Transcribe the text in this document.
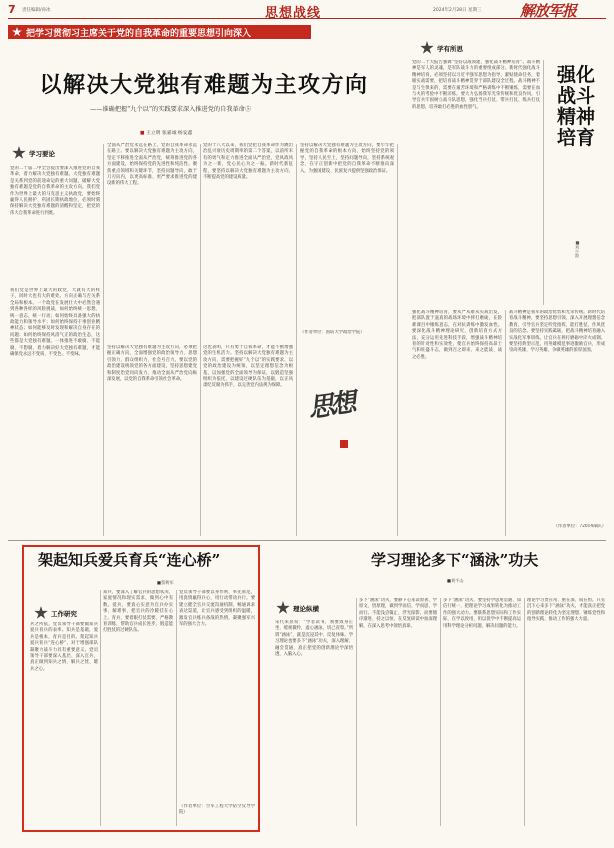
7 责任编辑/孙冰	思想战线	2024年2月28日 星期三	解放军报
把学习贯彻习主席关于党的自我革命的重要思想引向深入
以解决大党独有难题为主攻方向
——谁确把握“九个以”的实践要求深入推进党的自我革命⑤
■ 王立明 张嘉诚 杨安鑫
学习要论
党的二十届二中全会提出要深入推进党的自我革命，着力解决大党独有难题。大党独有难题是关系到党的前途命运的重大问题，破解大党独有难题是党的自我革命的主攻方向。我们党作为世界上最大的马克思主义执政党，要始终赢得人民拥护、巩固长期执政地位，必须时刻保持解决大党独有难题的清醒和坚定，把党的伟大自我革命进行到底。
我们党是世界上最大的政党，大就有大的样子，同时大也有大的难处。方向正确与否关系全局和根本。一个政党在发展壮大中必然会遇到各种各样的风险挑战，如何始终统一思想、统一意志、统一行动；如何始终具备强大的执政能力和领导水平；如何始终保持干事创业精神状态；如何能够及时发现和解决自身存在的问题；如何始终保持风清气正的政治生态，这些都是大党独有难题。一体推进不敢腐、不能腐、不想腐，着力解决好大党独有难题，才能确保党永远不变质、不变色、不变味。
全面从严治党永远在路上，党的自我革命永远在路上。要以解决大党独有难题为主攻方向，坚定不移推进全面从严治党，统筹推进党的各方面建设，始终保持党的先进性和纯洁性。聚焦重点领域和关键环节，坚持问题导向，敢于刀刃向内，以更高标准、更严要求推进党的建设新的伟大工程。
坚持以解决大党独有难题为主攻方向，必须把握正确方向，全面增强党的政治领导力、思想引领力、群众组织力、社会号召力。要以党的政治建设统领党的各方面建设，坚持思想建党和制度治党同向发力，推动全面从严治党向纵深发展，以党的自我革命引领社会革命。
党的十八大以来，我们党把自我革命作为跳出治乱兴衰历史周期率的第二个答案，以前所未有的勇气和定力推进全面从严治党，党风政风为之一新，党心民心为之一振。新时代新征程，要坚持以解决大党独有难题为主攻方向，不断提高党的建设质量。
这也表明，只有勇于自我革命，才能不断增强党的生机活力。坚持以解决大党独有难题为主攻方向，需要把握好“九个以”的实践要求，以党的政治建设为统领，以坚定理想信念为根基，以加强党的全面领导为保证，以锻造坚强组织为依托，以建设过硬队伍为基础，以正风肃纪反腐为抓手，以完善党内法规为保障。
坚持以解决大党独有难题为主攻方向，要牢牢把握党的自我革命的根本方向，始终坚持党的领导，坚持人民至上，坚持问题导向，坚持系统观念，在守正创新中把党的自我革命不断推向深入，为强国建设、民族复兴提供坚强政治保证。
（作者单位：国防大学政治学院）
思想
学有所思
强化战斗精神培育
■刘少波
党的二十大报告强调“坚持以战领建，强化战斗精神培育”。战斗精神是军人的灵魂，是军队战斗力的重要组成部分。新时代强化战斗精神培育，必须坚持以习近平强军思想为指导，紧贴使命任务，着眼实战需要，把培育战斗精神贯穿于部队建设全过程。战斗精神不是与生俱来的，需要在艰苦环境和严格训练中不断锤炼，需要在血与火的考验中不断淬炼。要大力弘扬我军光荣传统和优良作风，引导官兵牢固树立战斗队思想，强化当兵打仗、带兵打仗、练兵打仗的思想，培养敢打必胜的血性胆气。
强化战斗精神培育，要从严从难从实战出发，把部队置于逼真的战场环境中摔打磨砺，在险难课目中锤炼意志，在对抗训练中激发血性。要深化战斗精神理论研究，创新培育方式方法，充分运用先进科技手段，增强战斗精神培育的针对性和实效性，使官兵始终保持高昂士气和旺盛斗志，做到召之即来、来之能战、战之必胜。
战斗精神是我军的政治优势和光荣传统。新时代培育战斗精神，要坚持思想引领，深入开展理想信念教育，引导官兵坚定听党指挥、能打胜仗、作风优良的信念。要坚持实践砥砺，把战斗精神培育融入实战化军事训练，让官兵在摔打磨砺中淬火成钢。要坚持典型示范，用英雄模范事迹激励官兵，形成崇尚英雄、学习英雄、争做英雄的浓厚氛围。
（作者单位：72014部队）
架起知兵爱兵育兵“连心桥”
■蔡利军
工作研究
兵之所依，党员领导干部要做知兵爱兵育兵的表率。知兵是基础，爱兵是根本，育兵是目的。架起知兵爱兵育兵“连心桥”，对于增强部队凝聚力战斗力具有重要意义。党员领导干部要深入基层、深入官兵，真正做到知兵之情、解兵之忧、暖兵之心。
知兵，要深入了解官兵的思想状况、家庭情况和现实需求，做到心中有数。爱兵，要真心实意为官兵办实事、解难事，把官兵的冷暖挂在心上。育兵，要着眼打仗需要，严格教育训练，帮助官兵成长进步，锻造能打胜仗的过硬队伍。
党员领导干部要以身作则、率先垂范，用真情赢得兵心，用行动带动兵行。要建立健全官兵交流沟通机制，畅通诉求表达渠道，让官兵感受到组织的温暖，激发官兵练兵备战的热情，凝聚强军兴军的强大合力。
（作者单位：空军工程大学防空反导学院）
学习理论多下“涵泳”功夫
■刘千山
理论纵横
宋代朱熹说：“学者读书，须要敛身正坐，缓视微吟，虚心涵泳，切己省察。”所谓“涵泳”，就是沉浸其中、反复体味。学习理论也要多下“涵泳”功夫，深入理解、融会贯通，真正把党的创新理论学深悟透、入脑入心。
多下“涵泳”功夫，要静下心来读原著、学原文、悟原理，做到学而信、学而思、学而行。不能浅尝辄止、浮光掠影，而要循序渐进、持之以恒，在反复研读中加深理解，在深入思考中领悟真谛。
多下“涵泳”功夫，要坚持学思用贯通、知信行统一，把理论学习成果转化为推动工作的强大动力。要联系思想实际和工作实际，在学以致用、用以促学中不断提高运用科学理论分析问题、解决问题的能力。
理论学习贵在常、重在深、成在恒。只有沉下心来多下“涵泳”功夫，才能真正把党的创新理论转化为坚定理想、锤炼党性和指导实践、推动工作的强大力量。
